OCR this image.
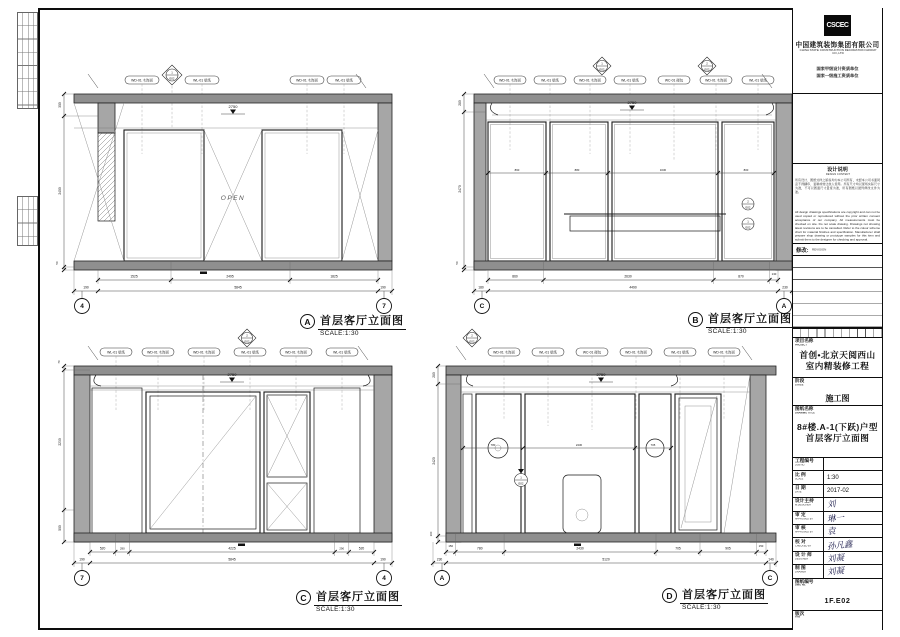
WD-01 木饰面
1
E02	WL-01 壁纸	WD-01 木饰面	WL-01 壁纸
OPEN
2750
1525	2495	1825
190	5845	190
350
2400
50
4	7
1
E02
2
E02
WD-01 木饰面	WL-01 壁纸	WD-01 木饰面	WL-01 壁纸	WC-01 硬包	WD-01 木饰面	WL-01 壁纸
2
E02
1
E02
2750
860	880	1630	800
860	2630	870
130
180	4490	230
280
2470
50
C	A
2
E02
WL-01 壁纸	WD-01 木饰面	WD-01 木饰面	WL-01 壁纸	WD-01 木饰面	WL-01 壁纸
2750
520	290	4225	290	520
190	5845	190
70
2230
500
7	4
2
E02
WD-01 木饰面	WL-01 壁纸	WC-01 硬包	WD-01 木饰面	WL-01 壁纸	WD-01 木饰面
1
E02
2750
780	2430	705
150
780	2430	705	905
150
230	5120	140
280
2420
100
A	C
A 首层客厅立面图
SCALE:1:30
B 首层客厅立面图
SCALE:1:30
C 首层客厅立面图
SCALE:1:30
D 首层客厅立面图
SCALE:1:30
CSCEC
中国建筑装饰集团有限公司
CHINA STATE CONSTRUCTION DECORATION GROUP CO.,LTD
国家甲级设计资质单位
国家一级施工资质单位
设计说明
DESIGN CONTENT
所有设计、图纸式样之版权均为本公司所有，未经本公司书面同意不得翻印、复制或转让他人使用。所有尺寸均以现场实际尺寸为准，不可以图面尺寸量度为准，所有图纸以最终修改文件为准。
All design drawings specifications are copyright and can not be used copied or reproduced without the prior written consent acceptance of our company. All measurements must be checked on site. Do not scale drawing. Drawings not showing latest revisions are to be cancelled. Refer to the colour scheme chart for material finishes and specification. Manufacturer shall prepare shop drawing or prototype samples for this item and submit them to the designer for checking and approval.
修改: REVISION
项目名称
PROJECT
首创•北京天阅西山
室内精装修工程
阶段
STAGE
施工图
图纸名称
DRAWING TITLE
8#楼.A-1(下跃)户型
首层客厅立面图
工程编号
JOB NO.
比 例
SCALE	1:30
日 期
DATE	2017-02
设计主持
M.DESIGNER	刘
审 定
APPROVED BY	琳一
审 核
APPROVED BY	袁
校 对
CHECKED BY	孙凡鑫
设 计 师
DESIGNER	刘凝
制 图
DRAWER	刘凝
图纸编号
DWG No.
1F.E02
版次
P.no
